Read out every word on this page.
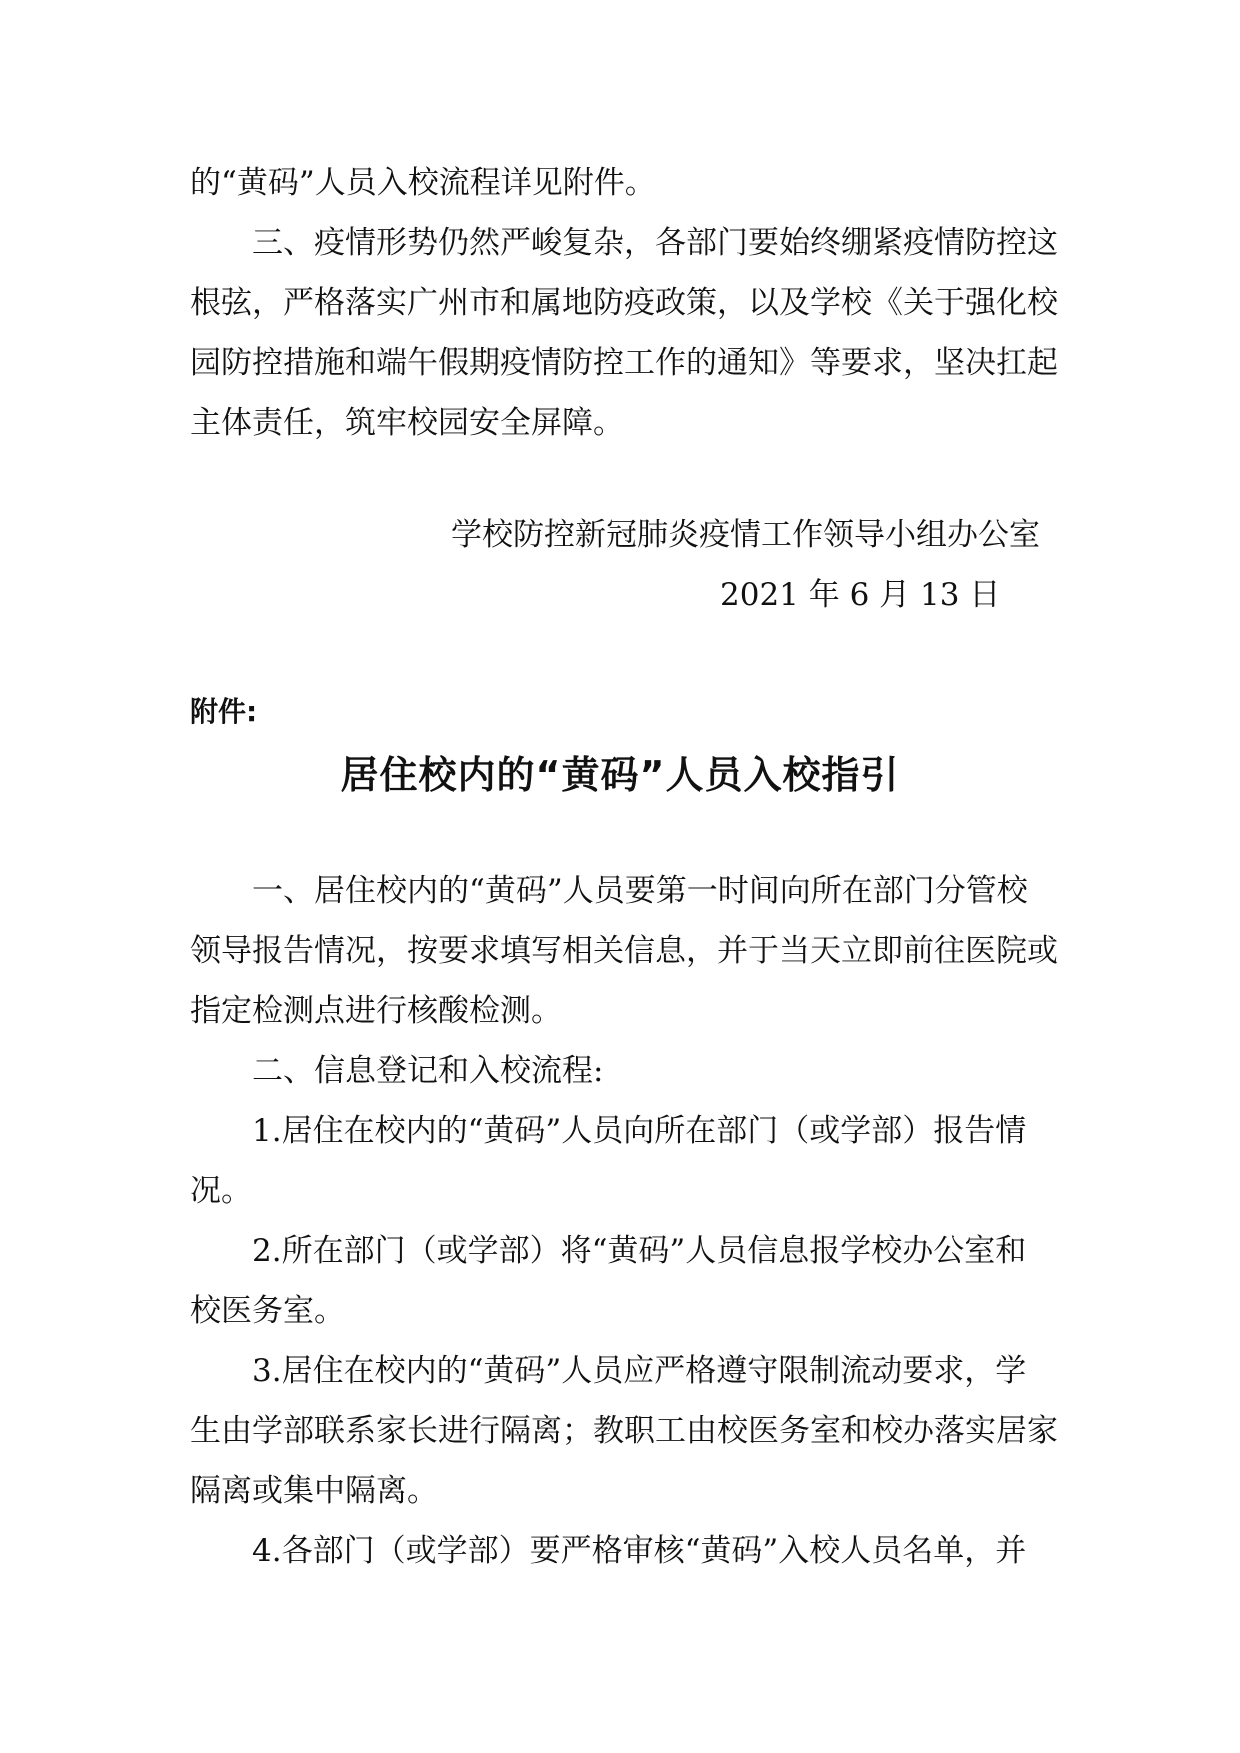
的“黄码”人员入校流程详见附件。
三、疫情形势仍然严峻复杂，各部门要始终绷紧疫情防控这
根弦，严格落实广州市和属地防疫政策，以及学校《关于强化校
园防控措施和端午假期疫情防控工作的通知》等要求，坚决扛起
主体责任，筑牢校园安全屏障。
学校防控新冠肺炎疫情工作领导小组办公室
2021 年 6 月 13 日
附件:
居住校内的“黄码”人员入校指引
一、居住校内的“黄码”人员要第一时间向所在部门分管校
领导报告情况，按要求填写相关信息，并于当天立即前往医院或
指定检测点进行核酸检测。
二、信息登记和入校流程:
1.居住在校内的“黄码”人员向所在部门（或学部）报告情
况。
2.所在部门（或学部）将“黄码”人员信息报学校办公室和
校医务室。
3.居住在校内的“黄码”人员应严格遵守限制流动要求，学
生由学部联系家长进行隔离；教职工由校医务室和校办落实居家
隔离或集中隔离。
4.各部门（或学部）要严格审核“黄码”入校人员名单，并
